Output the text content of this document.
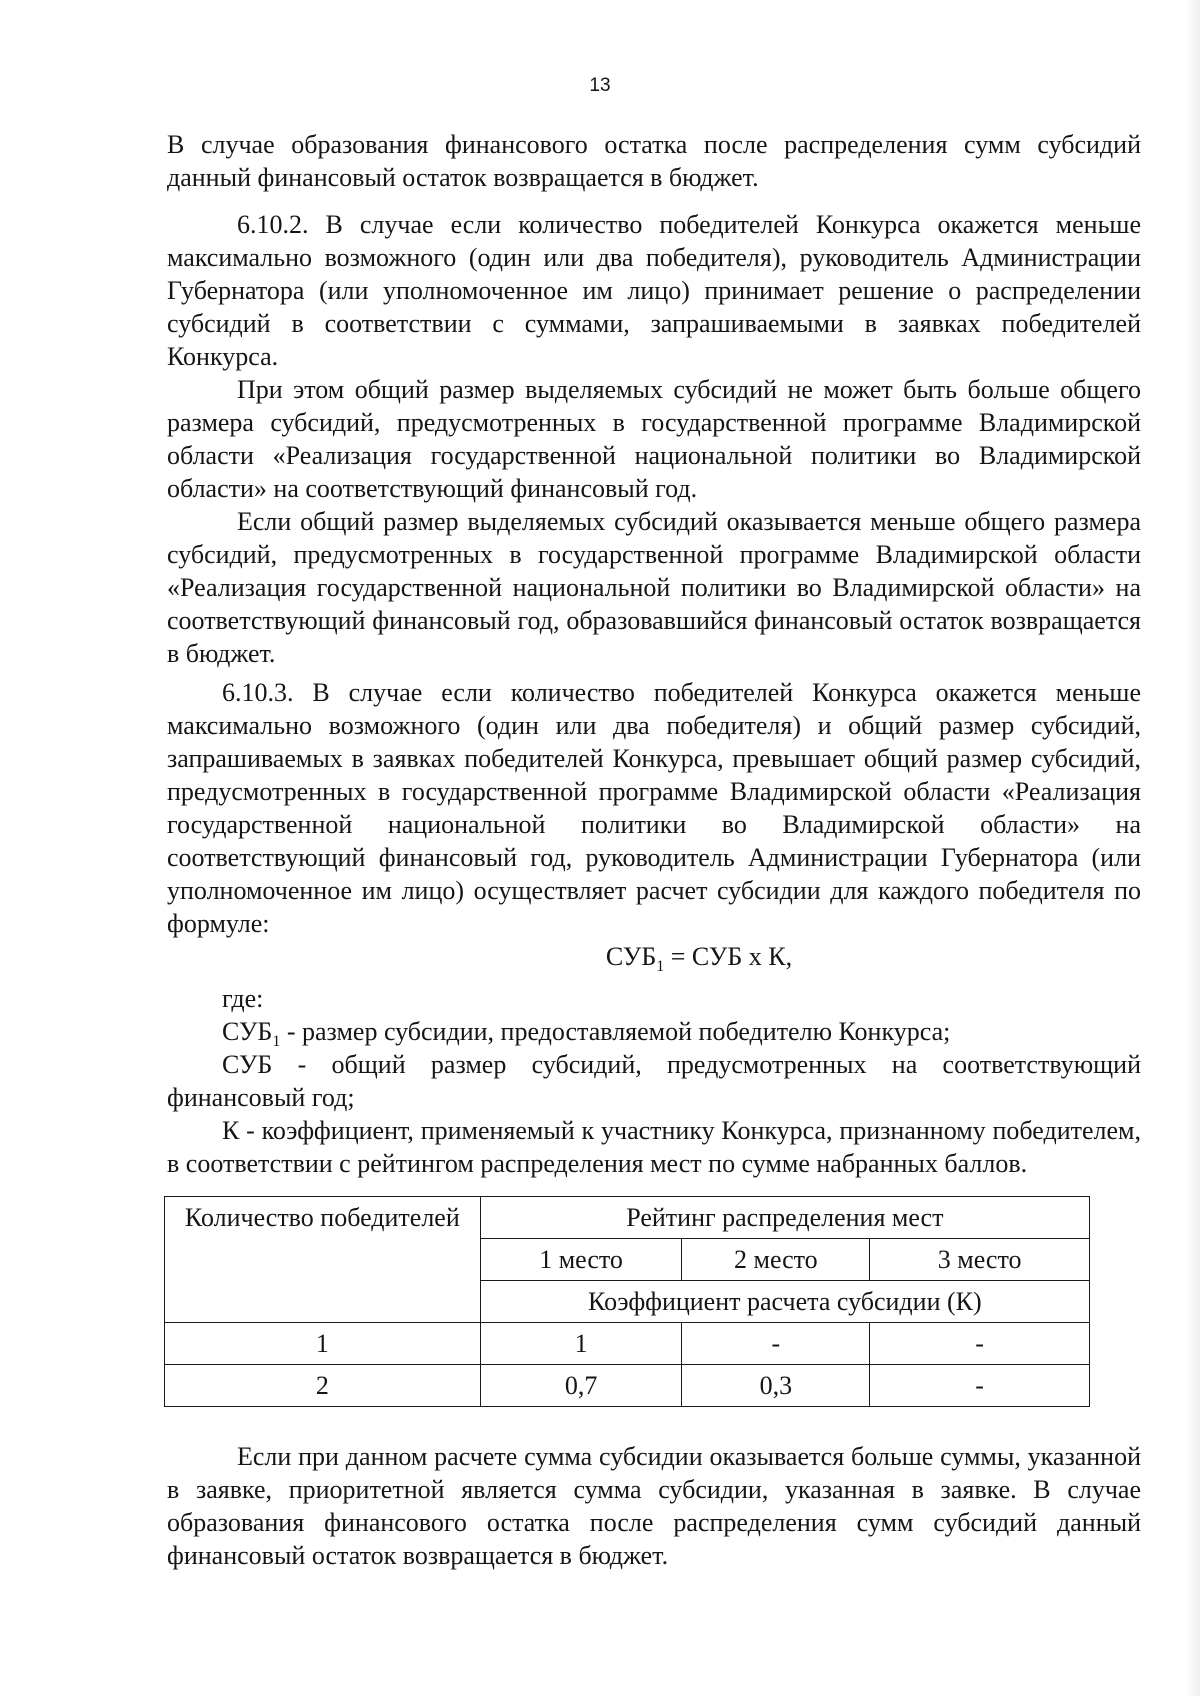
13

В случае образования финансового остатка после распределения сумм субсидий данный финансовый остаток возвращается в бюджет.

6.10.2. В случае если количество победителей Конкурса окажется меньше максимально возможного (один или два победителя), руководитель Администрации Губернатора (или уполномоченное им лицо) принимает решение о распределении субсидий в соответствии с суммами, запрашиваемыми в заявках победителей Конкурса.

При этом общий размер выделяемых субсидий не может быть больше общего размера субсидий, предусмотренных в государственной программе Владимирской области «Реализация государственной национальной политики во Владимирской области» на соответствующий финансовый год.

Если общий размер выделяемых субсидий оказывается меньше общего размера субсидий, предусмотренных в государственной программе Владимирской области «Реализация государственной национальной политики во Владимирской области» на соответствующий финансовый год, образовавшийся финансовый остаток возвращается в бюджет.

6.10.3. В случае если количество победителей Конкурса окажется меньше максимально возможного (один или два победителя) и общий размер субсидий, запрашиваемых в заявках победителей Конкурса, превышает общий размер субсидий, предусмотренных в государственной программе Владимирской области «Реализация государственной национальной политики во Владимирской области» на соответствующий финансовый год, руководитель Администрации Губернатора (или уполномоченное им лицо) осуществляет расчет субсидии для каждого победителя по формуле:

$СУБ_1$ = СУБ х К,

где:

$СУБ_1$ - размер субсидии, предоставляемой победителю Конкурса;

СУБ - общий размер субсидий, предусмотренных на соответствующий финансовый год;

К - коэффициент, применяемый к участнику Конкурса, признанному победителем, в соответствии с рейтингом распределения мест по сумме набранных баллов.

Количество победителей	Рейтинг распределения мест		
	1 место	2 место	3 место
	Коэффициент расчета субсидии (К)		
1	1	-	-
2	0,7	0,3	-

Если при данном расчете сумма субсидии оказывается больше суммы, указанной в заявке, приоритетной является сумма субсидии, указанная в заявке. В случае образования финансового остатка после распределения сумм субсидий данный финансовый остаток возвращается в бюджет.
